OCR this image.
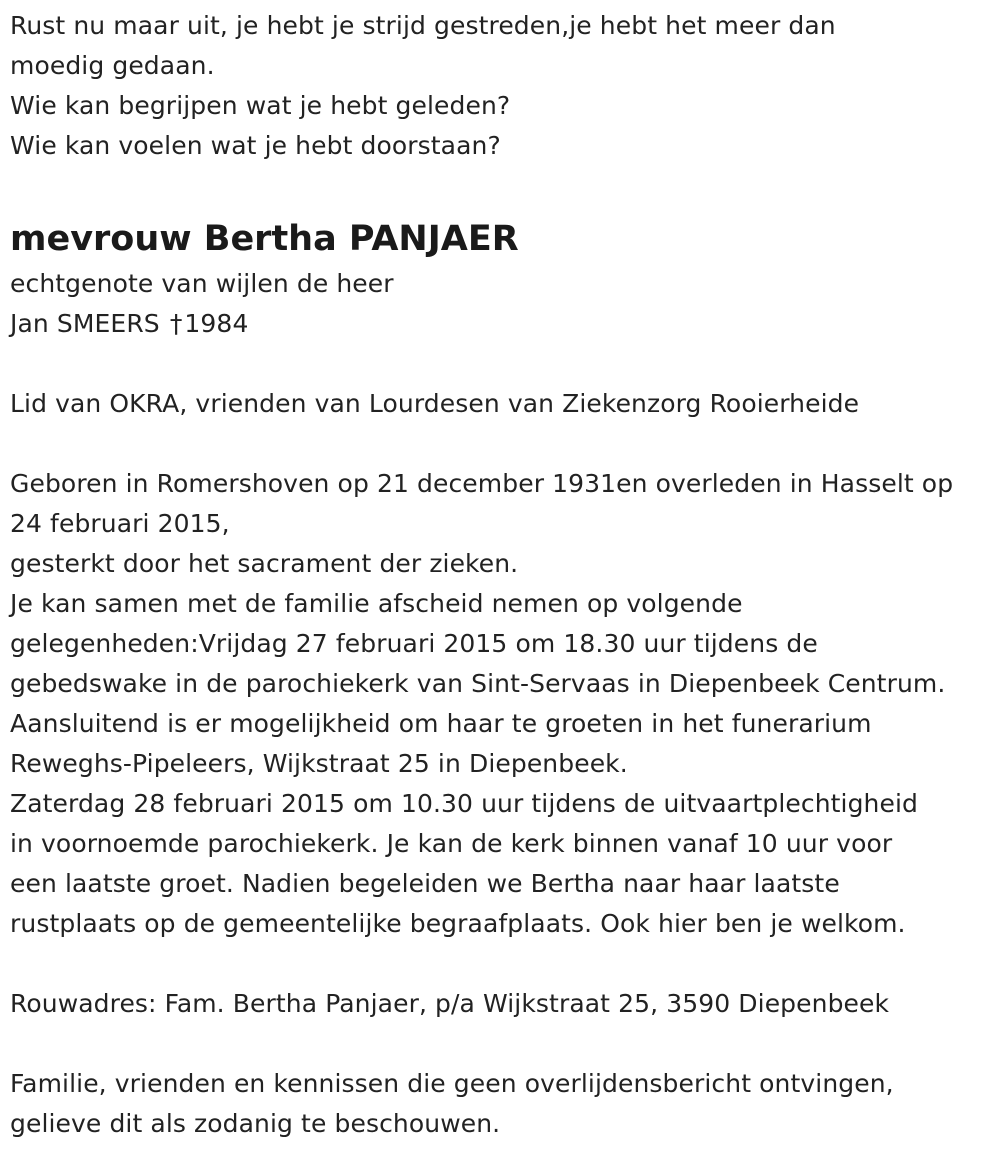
Rust nu maar uit, je hebt je strijd gestreden,je hebt het meer dan
moedig gedaan.
Wie kan begrijpen wat je hebt geleden?
Wie kan voelen wat je hebt doorstaan?
mevrouw Bertha PANJAER
echtgenote van wijlen de heer
Jan SMEERS †1984
Lid van OKRA, vrienden van Lourdesen van Ziekenzorg Rooierheide
Geboren in Romershoven op 21 december 1931en overleden in Hasselt op
24 februari 2015,
gesterkt door het sacrament der zieken.
Je kan samen met de familie afscheid nemen op volgende
gelegenheden:Vrijdag 27 februari 2015 om 18.30 uur tijdens de
gebedswake in de parochiekerk van Sint-Servaas in Diepenbeek Centrum.
Aansluitend is er mogelijkheid om haar te groeten in het funerarium
Reweghs-Pipeleers, Wijkstraat 25 in Diepenbeek.
Zaterdag 28 februari 2015 om 10.30 uur tijdens de uitvaartplechtigheid
in voornoemde parochiekerk. Je kan de kerk binnen vanaf 10 uur voor
een laatste groet. Nadien begeleiden we Bertha naar haar laatste
rustplaats op de gemeentelijke begraafplaats. Ook hier ben je welkom.
Rouwadres: Fam. Bertha Panjaer, p/a Wijkstraat 25, 3590 Diepenbeek
Familie, vrienden en kennissen die geen overlijdensbericht ontvingen,
gelieve dit als zodanig te beschouwen.
